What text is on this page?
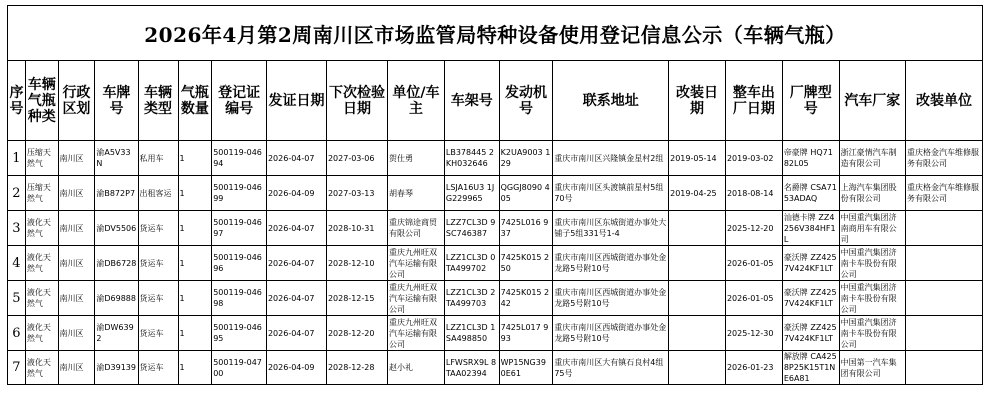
2026年4月第2周南川区市场监管局特种设备使用登记信息公示（车辆气瓶）
序号	车辆气瓶种类	行政区划	车牌号	车辆类型	气瓶数量	登记证编号	发证日期	下次检验日期	单位/车主	车架号	发动机号	联系地址	改装日期	整车出厂日期	厂牌型号	汽车厂家	改装单位
1	压缩天然气	南川区	渝A5V33N	私用车	1	500119-04694	2026-04-07	2027-03-06	贺仕勇	LB378445 2KH032646	K2UA9003 129	重庆市南川区兴隆镇金星村2组	2019-05-14	2019-03-02	帝豪牌 HQ7182L05	浙江豪情汽车制造有限公司	重庆格金汽车维修服务有限公司
2	压缩天然气	南川区	渝B872P7	出租客运	1	500119-04699	2026-04-09	2027-03-13	胡春琴	LSJA16U3 1JG229965	QGGJ8090 405	重庆市南川区头渡镇前星村5组70号	2019-04-25	2018-08-14	名爵牌 CSA7153ADAQ	上海汽车集团股份有限公司	重庆格金汽车维修服务有限公司
3	液化天然气	南川区	渝DV5506	货运车	1	500119-04697	2026-04-07	2028-10-31	重庆锦途商贸有限公司	LZZ7CL3D 9SC746387	7425L016 937	重庆市南川区东城街道办事处大铺子5组331号1-4		2025-12-20	汕德卡牌 ZZ4256V384HF1L	中国重汽集团济南商用车有限公司	
4	液化天然气	南川区	渝DB6728	货运车	1	500119-04696	2026-04-07	2028-12-10	重庆九州旺双汽车运输有限公司	LZZ1CL3D 0TA499702	7425K015 250	重庆市南川区西城街道办事处金龙路5号附10号		2026-01-05	豪沃牌 ZZ4257V424KF1LT	中国重汽集团济南卡车股份有限公司	
5	液化天然气	南川区	渝D69888	货运车	1	500119-04698	2026-04-07	2028-12-15	重庆九州旺双汽车运输有限公司	LZZ1CL3D 2TA499703	7425K015 242	重庆市南川区西城街道办事处金龙路5号附10号		2026-01-05	豪沃牌 ZZ4257V424KF1LT	中国重汽集团济南卡车股份有限公司	
6	液化天然气	南川区	渝DW6392	货运车	1	500119-04695	2026-04-07	2028-12-20	重庆九州旺双汽车运输有限公司	LZZ1CL3D 1SA498850	7425L017 993	重庆市南川区西城街道办事处金龙路5号附10号		2025-12-30	豪沃牌 ZZ4257V424KF1LT	中国重汽集团济南卡车股份有限公司	
7	液化天然气	南川区	渝D39139	货运车	1	500119-04700	2026-04-09	2028-12-28	赵小礼	LFWSRX9L 8TAA02394	WP15NG39 0E61	重庆市南川区大有镇石良村4组75号		2026-01-23	解放牌 CA4258P25K15T1NE6A81	中国第一汽车集团有限公司	
